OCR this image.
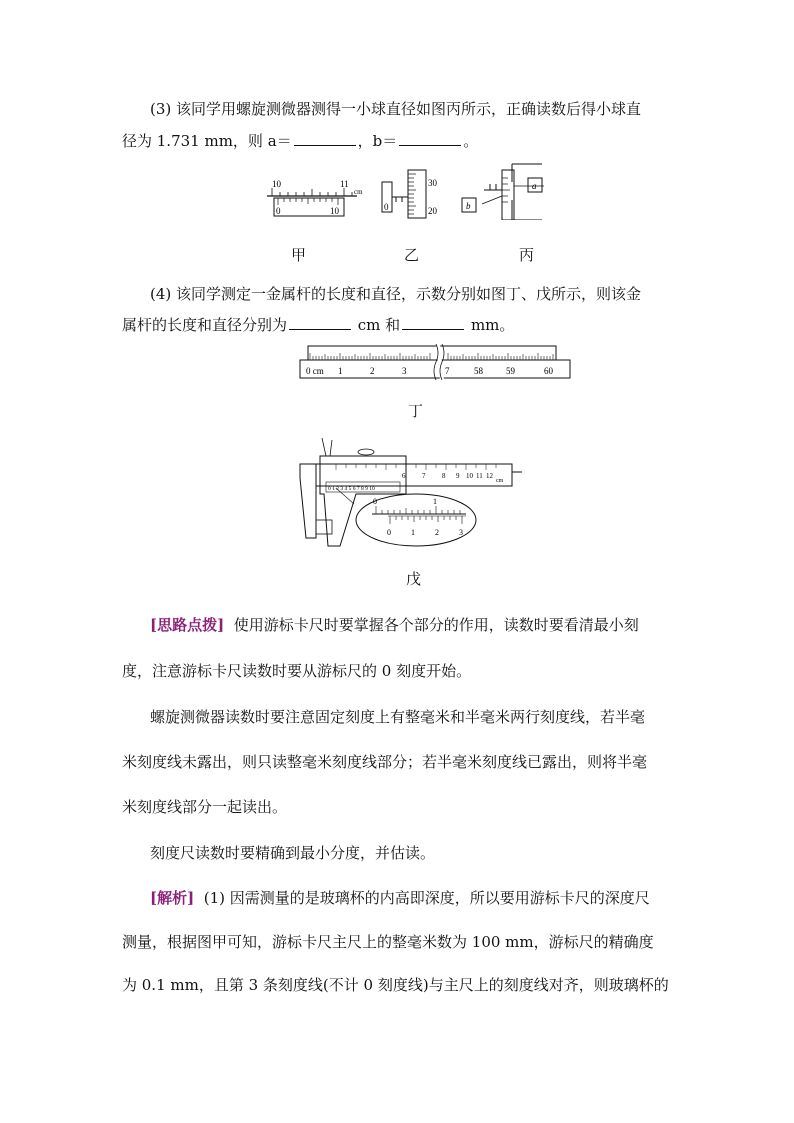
(3) 该同学用螺旋测微器测得一小球直径如图丙所示，正确读数后得小球直
径为 1.731 mm，则 a＝	，b＝	。
10	11
cm
0	10
30
0	20	b
a
甲	乙	丙
(4) 该同学测定一金属杆的长度和直径，示数分别如图丁、戊所示，则该金
属杆的长度和直径分别为	cm 和	mm。
0 cm 1	2	3	7	58	59	60
丁
6 7 8 9 10 11 12
cm
0 1 2 3 4 5 6 7 8 9 10
0	1
0	1	2	3
戊
[思路点拨] 使用游标卡尺时要掌握各个部分的作用，读数时要看清最小刻
度，注意游标卡尺读数时要从游标尺的 0 刻度开始。
螺旋测微器读数时要注意固定刻度上有整毫米和半毫米两行刻度线，若半毫
米刻度线未露出，则只读整毫米刻度线部分；若半毫米刻度线已露出，则将半毫
米刻度线部分一起读出。
刻度尺读数时要精确到最小分度，并估读。
[解析] (1) 因需测量的是玻璃杯的内高即深度，所以要用游标卡尺的深度尺
测量，根据图甲可知，游标卡尺主尺上的整毫米数为 100 mm，游标尺的精确度
为 0.1 mm，且第 3 条刻度线(不计 0 刻度线)与主尺上的刻度线对齐，则玻璃杯的
